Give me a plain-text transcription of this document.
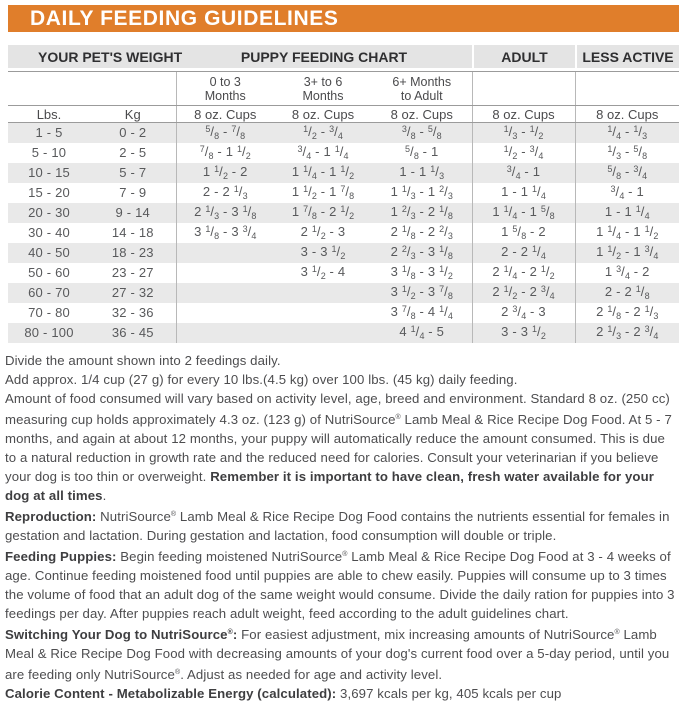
DAILY FEEDING GUIDELINES
YOUR PET'S WEIGHT	PUPPY FEEDING CHART	ADULT	LESS ACTIVE
		0 to 3 Months	3+ to 6 Months	6+ Months to Adult		
Lbs.	Kg	8 oz. Cups	8 oz. Cups	8 oz. Cups	8 oz. Cups	8 oz. Cups
1 - 5	0 - 2	$^5/_8 - ^7/_8$	$^1/_2 - ^3/_4$	$^3/_8 - ^5/_8$	$^1/_3 - ^1/_2$	$^1/_4 - ^1/_3$
5 - 10	2 - 5	$^7/_8 - 1$ $^1/_2$	$^3/_4 - 1$ $^1/_4$	$^5/_8 - 1$	$^1/_2 - ^3/_4$	$^1/_3 - ^5/_8$
10 - 15	5 - 7	1 $^1/_2 - 2$	1 $^1/_4 - 1$ $^1/_2$	1 - 1 $^1/_3$	$^3/_4 - 1$	$^5/_8 - ^3/_4$
15 - 20	7 - 9	2 - 2 $^1/_3$	1 $^1/_2 - 1$ $^7/_8$	1 $^1/_3 - 1$ $^2/_3$	1 - 1 $^1/_4$	$^3/_4 - 1$
20 - 30	9 - 14	2 $^1/_3 - 3$ $^1/_8$	1 $^7/_8 - 2$ $^1/_2$	1 $^2/_3 - 2$ $^1/_8$	1 $^1/_4 - 1$ $^5/_8$	1 - 1 $^1/_4$
30 - 40	14 - 18	3 $^1/_8 - 3$ $^3/_4$	2 $^1/_2 - 3$	2 $^1/_8 - 2$ $^2/_3$	1 $^5/_8 - 2$	1 $^1/_4 - 1$ $^1/_2$
40 - 50	18 - 23		3 - 3 $^1/_2$	2 $^2/_3 - 3$ $^1/_8$	2 - 2 $^1/_4$	1 $^1/_2 - 1$ $^3/_4$
50 - 60	23 - 27		3 $^1/_2 - 4$	3 $^1/_8 - 3$ $^1/_2$	2 $^1/_4 - 2$ $^1/_2$	1 $^3/_4 - 2$
60 - 70	27 - 32			3 $^1/_2 - 3$ $^7/_8$	2 $^1/_2 - 2$ $^3/_4$	2 - 2 $^1/_8$
70 - 80	32 - 36			3 $^7/_8 - 4$ $^1/_4$	2 $^3/_4 - 3$	2 $^1/_8 - 2$ $^1/_3$
80 - 100	36 - 45			4 $^1/_4 - 5$	3 - 3 $^1/_2$	2 $^1/_3 - 2$ $^3/_4$

Divide the amount shown into 2 feedings daily.

Add approx. 1/4 cup (27 g) for every 10 lbs.(4.5 kg) over 100 lbs. (45 kg) daily feeding.

Amount of food consumed will vary based on activity level, age, breed and environment. Standard 8 oz. (250 cc) measuring cup holds approximately 4.3 oz. (123 g) of NutriSource® Lamb Meal & Rice Recipe Dog Food. At 5 - 7 months, and again at about 12 months, your puppy will automatically reduce the amount consumed. This is due to a natural reduction in growth rate and the reduced need for calories. Consult your veterinarian if you believe your dog is too thin or overweight. Remember it is important to have clean, fresh water available for your dog at all times.

Reproduction: NutriSource® Lamb Meal & Rice Recipe Dog Food contains the nutrients essential for females in gestation and lactation. During gestation and lactation, food consumption will double or triple.

Feeding Puppies: Begin feeding moistened NutriSource® Lamb Meal & Rice Recipe Dog Food at 3 - 4 weeks of age. Continue feeding moistened food until puppies are able to chew easily. Puppies will consume up to 3 times the volume of food that an adult dog of the same weight would consume. Divide the daily ration for puppies into 3 feedings per day. After puppies reach adult weight, feed according to the adult guidelines chart.

Switching Your Dog to NutriSource®: For easiest adjustment, mix increasing amounts of NutriSource® Lamb Meal & Rice Recipe Dog Food with decreasing amounts of your dog's current food over a 5-day period, until you are feeding only NutriSource®. Adjust as needed for age and activity level.

Calorie Content - Metabolizable Energy (calculated): 3,697 kcals per kg, 405 kcals per cup
